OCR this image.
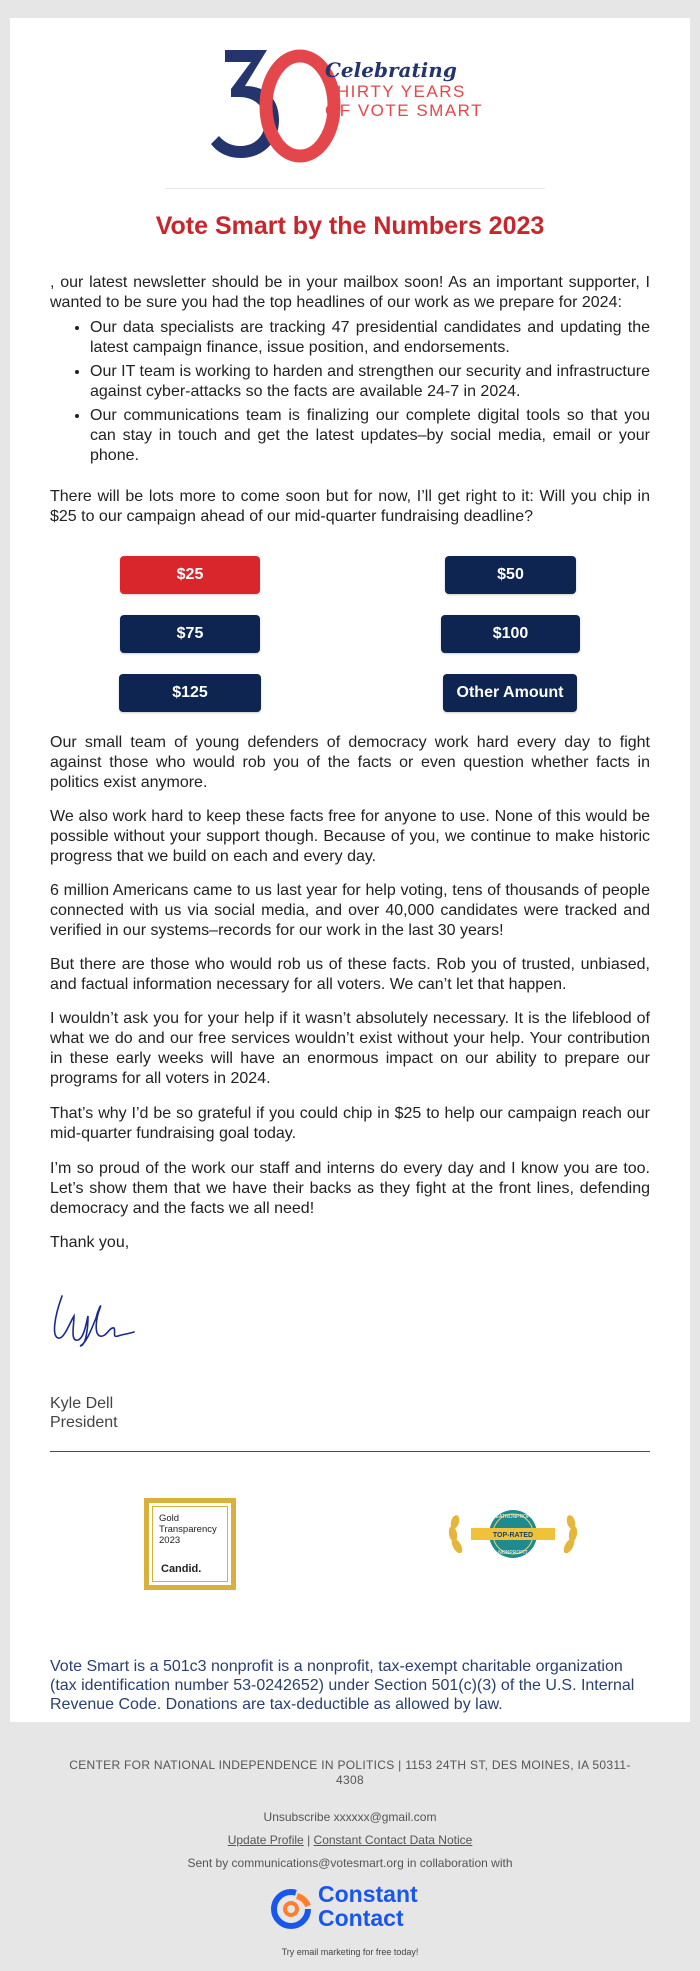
Celebrating
THIRTY YEARS
OF VOTE SMART
Vote Smart by the Numbers 2023

, our latest newsletter should be in your mailbox soon! As an important supporter, I wanted to be sure you had the top headlines of our work as we prepare for 2024:

• Our data specialists are tracking 47 presidential candidates and updating the latest campaign finance, issue position, and endorsements.
• Our IT team is working to harden and strengthen our security and infrastructure against cyber-attacks so the facts are available 24-7 in 2024.
• Our communications team is finalizing our complete digital tools so that you can stay in touch and get the latest updates–by social media, email or your phone.

There will be lots more to come soon but for now, I’ll get right to it: Will you chip in $25 to our campaign ahead of our mid-quarter fundraising deadline?

$25	$50
$75	$100
$125	Other Amount

Our small team of young defenders of democracy work hard every day to fight against those who would rob you of the facts or even question whether facts in politics exist anymore.

We also work hard to keep these facts free for anyone to use. None of this would be possible without your support though. Because of you, we continue to make historic progress that we build on each and every day.

6 million Americans came to us last year for help voting, tens of thousands of people connected with us via social media, and over 40,000 candidates were tracked and verified in our systems–records for our work in the last 30 years!

But there are those who would rob us of these facts. Rob you of trusted, unbiased, and factual information necessary for all voters. We can’t let that happen.

I wouldn’t ask you for your help if it wasn’t absolutely necessary. It is the lifeblood of what we do and our free services wouldn’t exist without your help. Your contribution in these early weeks will have an enormous impact on our ability to prepare our programs for all voters in 2024.

That’s why I’d be so grateful if you could chip in $25 to help our campaign reach our mid-quarter fundraising goal today.

I’m so proud of the work our staff and interns do every day and I know you are too. Let’s show them that we have their backs as they fight at the front lines, defending democracy and the facts we all need!

Thank you,

Kyle Dell
President
Gold
Transparency
2023
Candid.
GREATNONPROFITS
TOP-RATED
NONPROFIT

Vote Smart is a 501c3 nonprofit is a nonprofit, tax-exempt charitable organization (tax identification number 53-0242652) under Section 501(c)(3) of the U.S. Internal Revenue Code. Donations are tax-deductible as allowed by law.

CENTER FOR NATIONAL INDEPENDENCE IN POLITICS | 1153 24TH ST, DES MOINES, IA 50311-4308
Unsubscribe xxxxxx@gmail.com
Update Profile | Constant Contact Data Notice
Sent by communications@votesmart.org in collaboration with
Constant
Contact
Try email marketing for free today!
